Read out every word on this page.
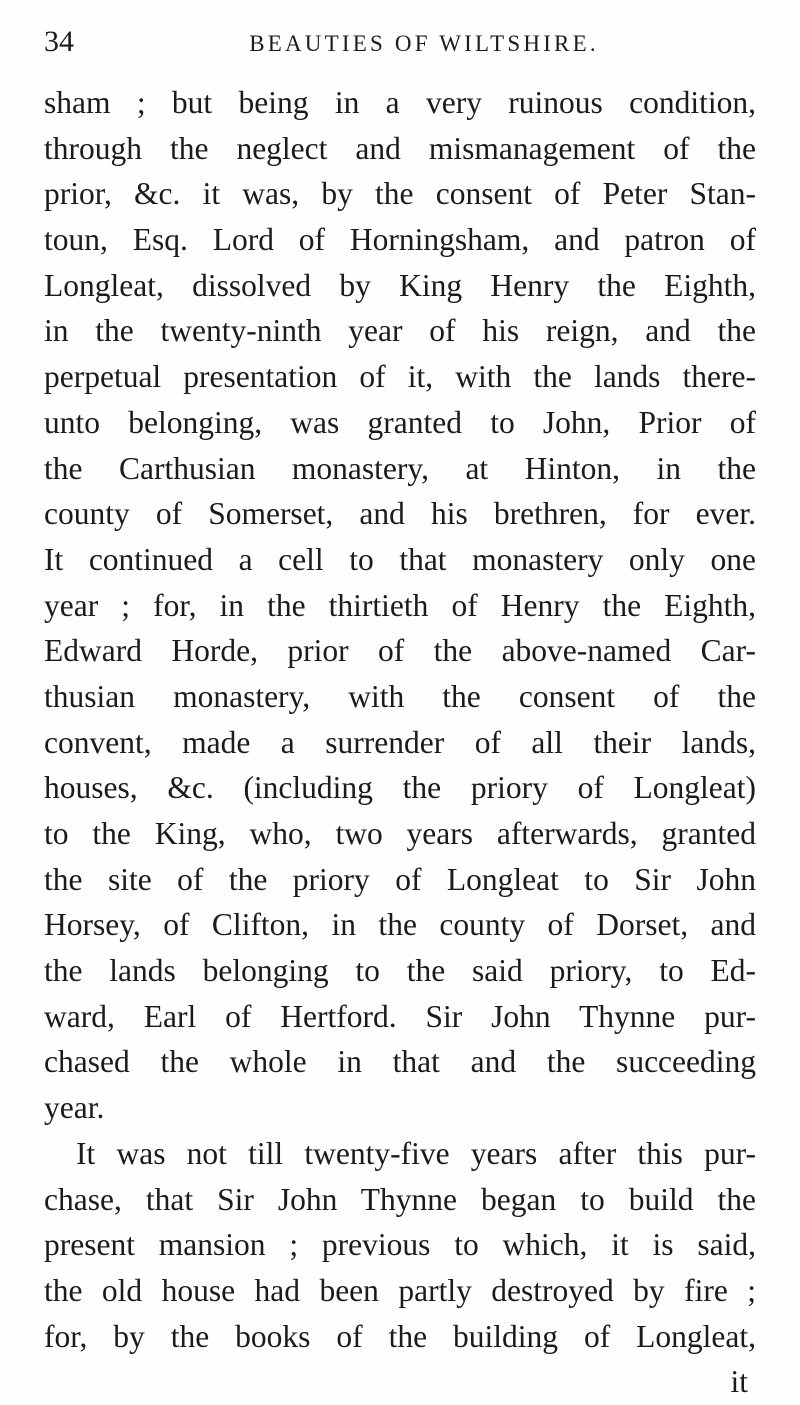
34	BEAUTIES OF WILTSHIRE.
sham ; but being in a very ruinous condition,
through the neglect and mismanagement of the
prior, &c. it was, by the consent of Peter Stan-
toun, Esq. Lord of Horningsham, and patron of
Longleat, dissolved by King Henry the Eighth,
in the twenty-ninth year of his reign, and the
perpetual presentation of it, with the lands there-
unto belonging, was granted to John, Prior of
the Carthusian monastery, at Hinton, in the
county of Somerset, and his brethren, for ever.
It continued a cell to that monastery only one
year ; for, in the thirtieth of Henry the Eighth,
Edward Horde, prior of the above-named Car-
thusian monastery, with the consent of the
convent, made a surrender of all their lands,
houses, &c. (including the priory of Longleat)
to the King, who, two years afterwards, granted
the site of the priory of Longleat to Sir John
Horsey, of Clifton, in the county of Dorset, and
the lands belonging to the said priory, to Ed-
ward, Earl of Hertford. Sir John Thynne pur-
chased the whole in that and the succeeding
year.
It was not till twenty-five years after this pur-
chase, that Sir John Thynne began to build the
present mansion ; previous to which, it is said,
the old house had been partly destroyed by fire ;
for, by the books of the building of Longleat,
it
